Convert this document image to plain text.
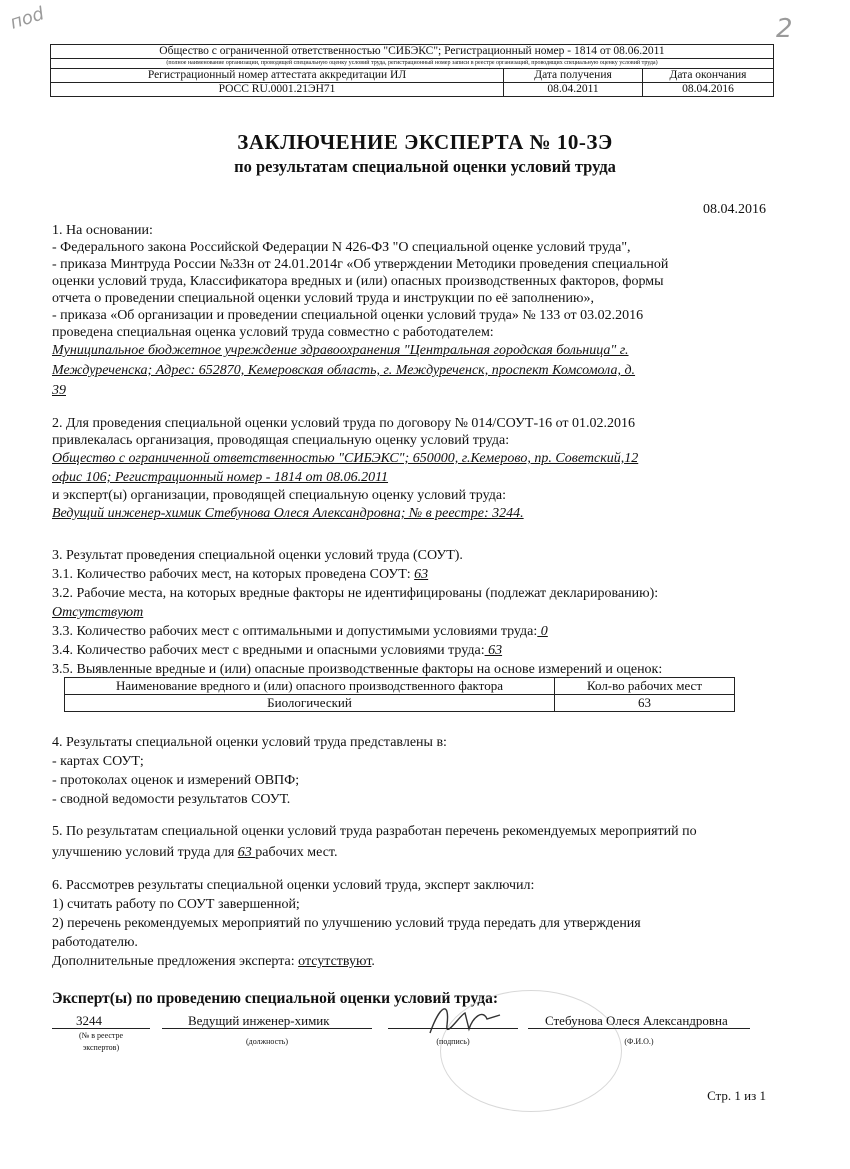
поd	2
Общество с ограниченной ответственностью "СИБЭКС"; Регистрационный номер - 1814 от 08.06.2011		
(полное наименование организации, проводящей специальную оценку условий труда, регистрационный номер записи в реестре организаций, проводящих специальную оценку условий труда)		
Регистрационный номер аттестата аккредитации ИЛ	Дата получения	Дата окончания
РОСС RU.0001.21ЭН71	08.04.2011	08.04.2016
ЗАКЛЮЧЕНИЕ ЭКСПЕРТА № 10-ЗЭ
по результатам специальной оценки условий труда
08.04.2016

1. На основании:

- Федерального закона Российской Федерации N 426-ФЗ "О специальной оценке условий труда",

- приказа Минтруда России №33н от 24.01.2014г «Об утверждении Методики проведения специальной

оценки условий труда, Классификатора вредных и (или) опасных производственных факторов, формы

отчета о проведении специальной оценки условий труда и инструкции по её заполнению»,

- приказа «Об организации и проведении специальной оценки условий труда» № 133 от 03.02.2016

проведена специальная оценка условий труда совместно с работодателем:

Муниципальное бюджетное учреждение здравоохранения "Центральная городская больница" г.

Междуреченска; Адрес: 652870, Кемеровская область, г. Междуреченск, проспект Комсомола, д.

39

2. Для проведения специальной оценки условий труда по договору № 014/СОУТ-16 от 01.02.2016

привлекалась организация, проводящая специальную оценку условий труда:

Общество с ограниченной ответственностью "СИБЭКС"; 650000, г.Кемерово, пр. Советский,12

офис 106; Регистрационный номер - 1814 от 08.06.2011

и эксперт(ы) организации, проводящей специальную оценку условий труда:

Ведущий инженер-химик Стебунова Олеся Александровна; № в реестре: 3244.

3. Результат проведения специальной оценки условий труда (СОУТ).

3.1. Количество рабочих мест, на которых проведена СОУТ: 63

3.2. Рабочие места, на которых вредные факторы не идентифицированы (подлежат декларированию):

Отсутствуют

3.3. Количество рабочих мест с оптимальными и допустимыми условиями труда: 0

3.4. Количество рабочих мест с вредными и опасными условиями труда: 63

3.5. Выявленные вредные и (или) опасные производственные факторы на основе измерений и оценок:

Наименование вредного и (или) опасного производственного фактора	Кол-во рабочих мест
Биологический	63

4. Результаты специальной оценки условий труда представлены в:

- картах СОУТ;

- протоколах оценок и измерений ОВПФ;

- сводной ведомости результатов СОУТ.

5. По результатам специальной оценки условий труда разработан перечень рекомендуемых мероприятий по

улучшению условий труда для 63 рабочих мест.

6. Рассмотрев результаты специальной оценки условий труда, эксперт заключил:

1) считать работу по СОУТ завершенной;

2) перечень рекомендуемых мероприятий по улучшению условий труда передать для утверждения

работодателю.

Дополнительные предложения эксперта: отсутствуют.

Эксперт(ы) по проведению специальной оценки условий труда:
3244	Ведущий инженер-химик	Стебунова Олеся Александровна
(№ в реестре
экспертов)
(должность)	(подпись)	(Ф.И.О.)
Стр. 1 из 1
